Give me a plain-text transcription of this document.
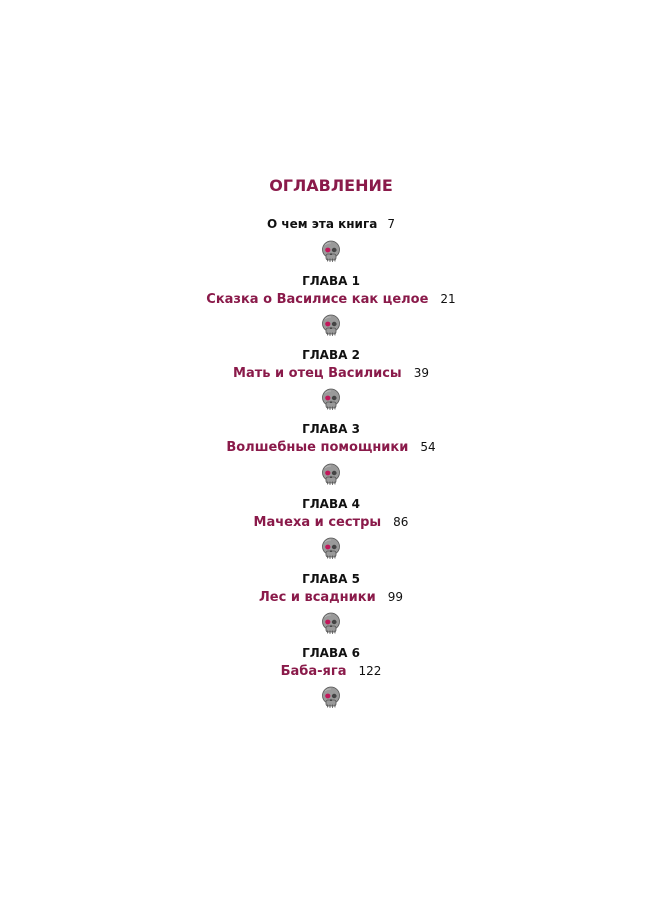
ОГЛАВЛЕНИЕ
О чем эта книга 7
ГЛАВА 1
Сказка о Василисе как целое 21
ГЛАВА 2
Мать и отец Василисы 39
ГЛАВА 3
Волшебные помощники 54
ГЛАВА 4
Мачеха и сестры 86
ГЛАВА 5
Лес и всадники 99
ГЛАВА 6
Баба-яга 122
